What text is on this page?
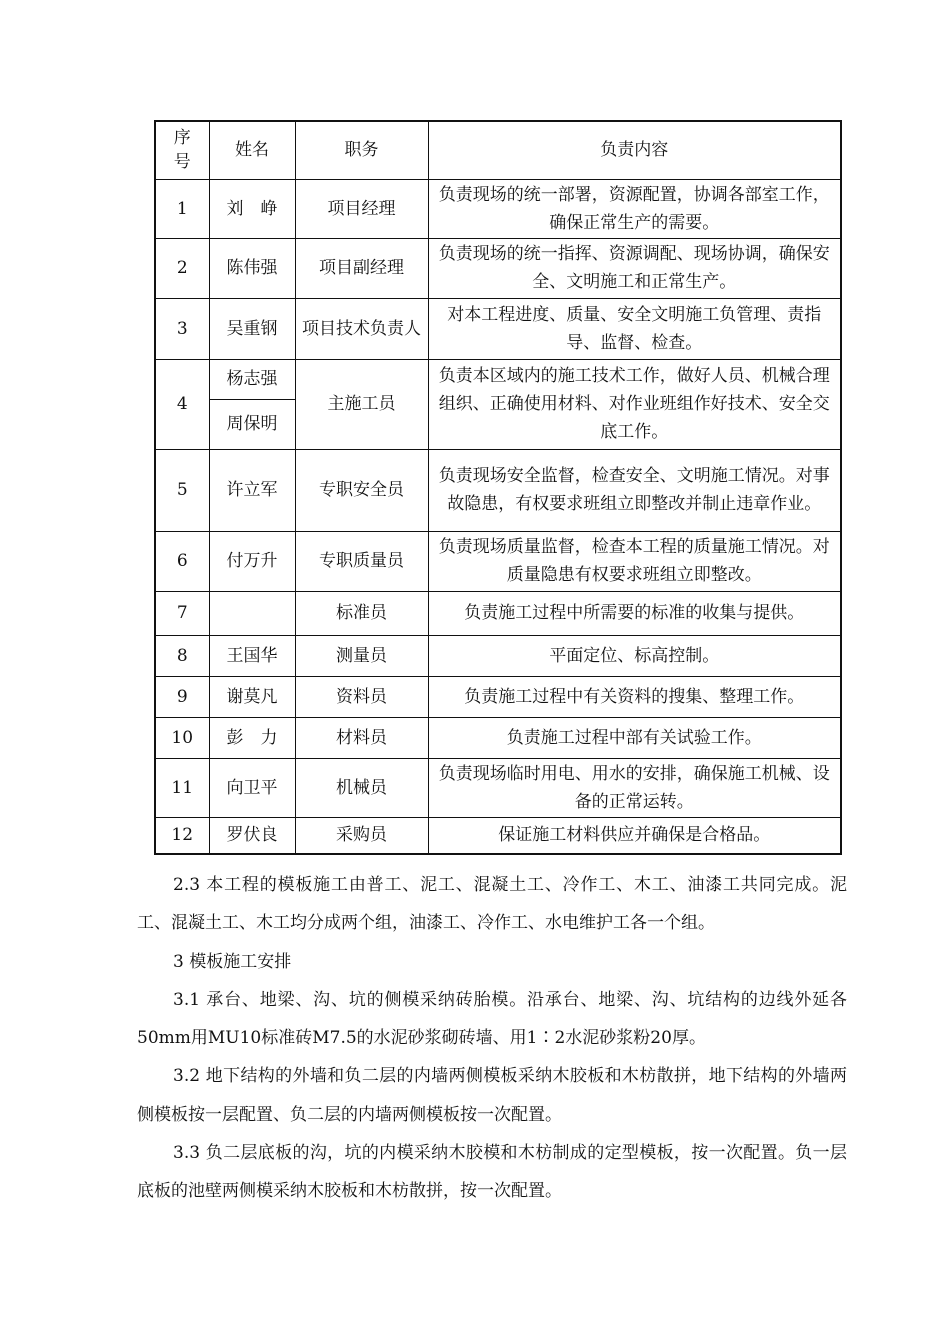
序号	姓名	职务	负责内容
1	刘　峥	项目经理	负责现场的统一部署，资源配置，协调各部室工作，确保正常生产的需要。
2	陈伟强	项目副经理	负责现场的统一指挥、资源调配、现场协调，确保安全、文明施工和正常生产。
3	吴重钢	项目技术负责人	对本工程进度、质量、安全文明施工负管理、责指导、监督、检查。
4	杨志强	主施工员	负责本区域内的施工技术工作，做好人员、机械合理组织、正确使用材料、对作业班组作好技术、安全交底工作。
	周保明		
5	许立军	专职安全员	负责现场安全监督，检查安全、文明施工情况。对事故隐患，有权要求班组立即整改并制止违章作业。
6	付万升	专职质量员	负责现场质量监督，检查本工程的质量施工情况。对质量隐患有权要求班组立即整改。
7		标准员	负责施工过程中所需要的标准的收集与提供。
8	王国华	测量员	平面定位、标高控制。
9	谢莫凡	资料员	负责施工过程中有关资料的搜集、整理工作。
10	彭　力	材料员	负责施工过程中部有关试验工作。
11	向卫平	机械员	负责现场临时用电、用水的安排，确保施工机械、设备的正常运转。
12	罗伏良	采购员	保证施工材料供应并确保是合格品。

2.3 本工程的模板施工由普工、泥工、混凝土工、冷作工、木工、油漆工共同完成。泥工、混凝土工、木工均分成两个组，油漆工、冷作工、水电维护工各一个组。

3 模板施工安排

3.1 承台、地梁、沟、坑的侧模采纳砖胎模。沿承台、地梁、沟、坑结构的边线外延各50mm用MU10标准砖M7.5的水泥砂浆砌砖墙、用1∶2水泥砂浆粉20厚。

3.2 地下结构的外墙和负二层的内墙两侧模板采纳木胶板和木枋散拼，地下结构的外墙两侧模板按一层配置、负二层的内墙两侧模板按一次配置。

3.3 负二层底板的沟，坑的内模采纳木胶模和木枋制成的定型模板，按一次配置。负一层底板的池壁两侧模采纳木胶板和木枋散拼，按一次配置。
